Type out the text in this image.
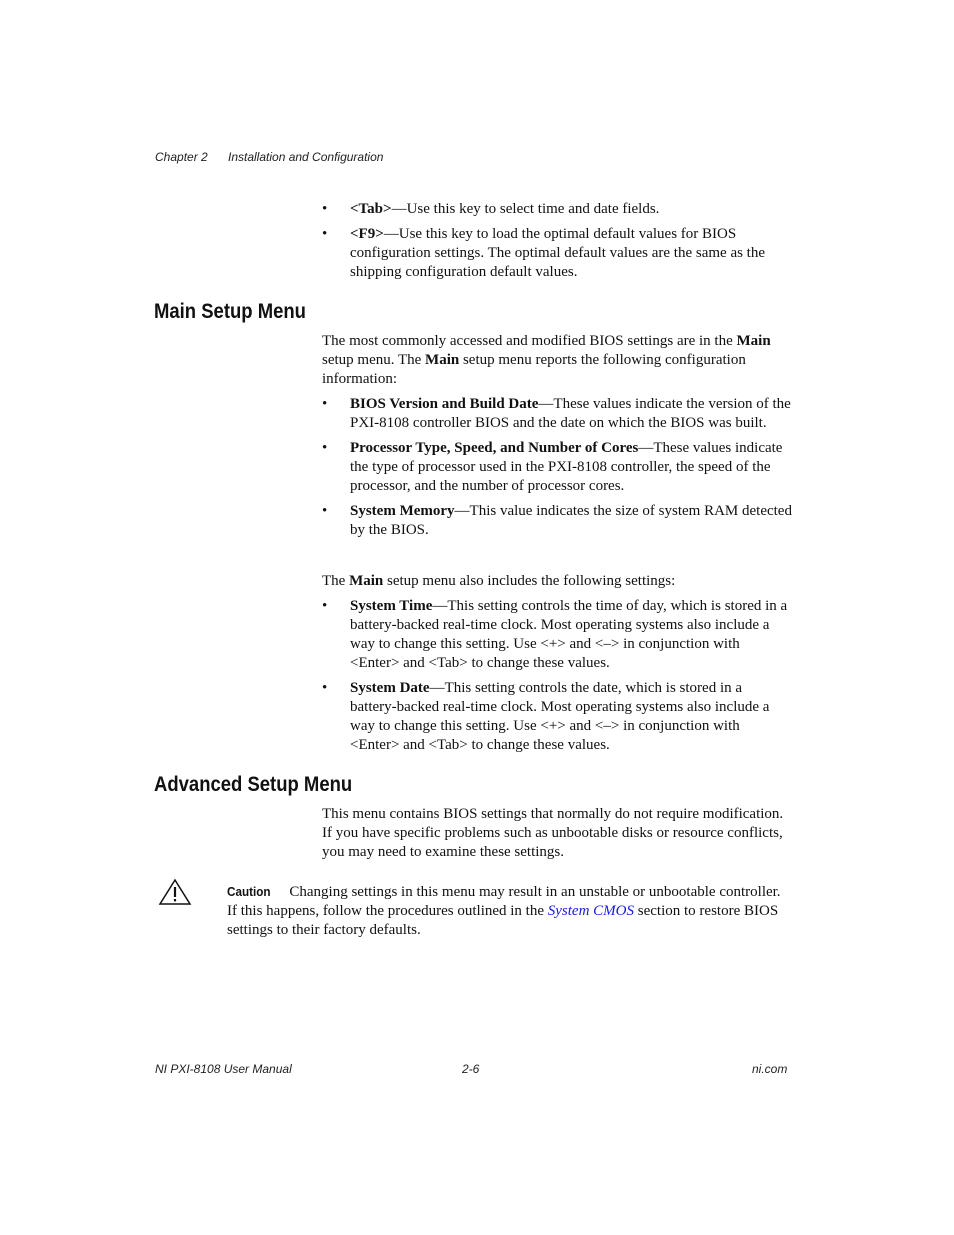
Chapter 2 Installation and Configuration
• <Tab>—Use this key to select time and date fields.
• <F9>—Use this key to load the optimal default values for BIOS configuration settings. The optimal default values are the same as the shipping configuration default values.
Main Setup Menu

The most commonly accessed and modified BIOS settings are in the Main setup menu. The Main setup menu reports the following configuration information:

• BIOS Version and Build Date—These values indicate the version of the PXI-8108 controller BIOS and the date on which the BIOS was built.
• Processor Type, Speed, and Number of Cores—These values indicate the type of processor used in the PXI-8108 controller, the speed of the processor, and the number of processor cores.
• System Memory—This value indicates the size of system RAM detected by the BIOS.

The Main setup menu also includes the following settings:

• System Time—This setting controls the time of day, which is stored in a battery-backed real-time clock. Most operating systems also include a way to change this setting. Use <+> and <–> in conjunction with <Enter> and <Tab> to change these values.
• System Date—This setting controls the date, which is stored in a battery-backed real-time clock. Most operating systems also include a way to change this setting. Use <+> and <–> in conjunction with <Enter> and <Tab> to change these values.
Advanced Setup Menu

This menu contains BIOS settings that normally do not require modification. If you have specific problems such as unbootable disks or resource conflicts, you may need to examine these settings.

Caution Changing settings in this menu may result in an unstable or unbootable controller. If this happens, follow the procedures outlined in the System CMOS section to restore BIOS settings to their factory defaults.
NI PXI-8108 User Manual	2-6	ni.com
